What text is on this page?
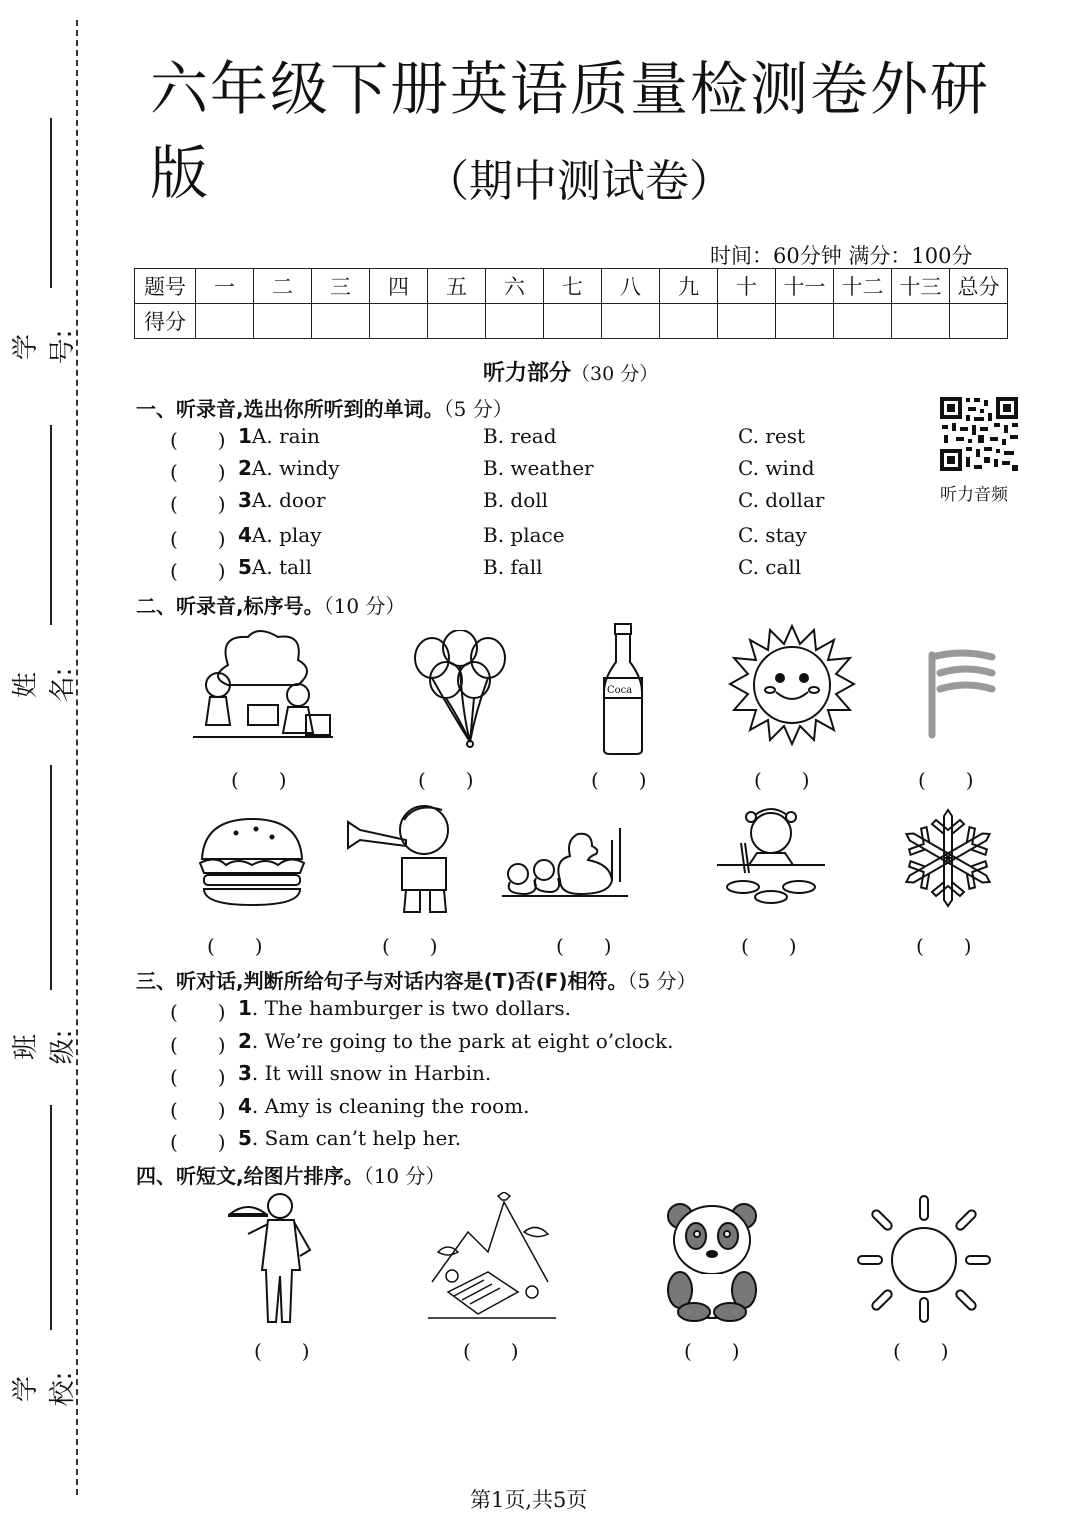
学号:
姓名:
班级:
学校:
六年级下册英语质量检测卷外研版	（期中测试卷）
时间：60分钟 满分：100分
题号	一	二	三	四	五	六	七	八	九	十	十一	十二	十三	总分
得分														
听力部分（30 分）
听力音频
一、听录音,选出你所听到的单词。（5 分）
(　　) 1A. rain	B. read	C. rest
(　　) 2A. windy	B. weather	C. wind
(　　) 3A. door	B. doll	C. dollar
(　　) 4A. play	B. place	C. stay
(　　) 5A. tall	B. fall	C. call
二、听录音,标序号。（10 分）
Coca
(　　)	(　　)	(　　)	(　　)	(　　)
(　　)	(　　)	(　　)	(　　)	(　　)
三、听对话,判断所给句子与对话内容是(T)否(F)相符。（5 分）
(　　) 1. The hamburger is two dollars.
(　　) 2. We’re going to the park at eight o’clock.
(　　) 3. It will snow in Harbin.
(　　) 4. Amy is cleaning the room.
(　　) 5. Sam can’t help her.
四、听短文,给图片排序。（10 分）
(　　)	(　　)	(　　)	(　　)
第1页,共5页
